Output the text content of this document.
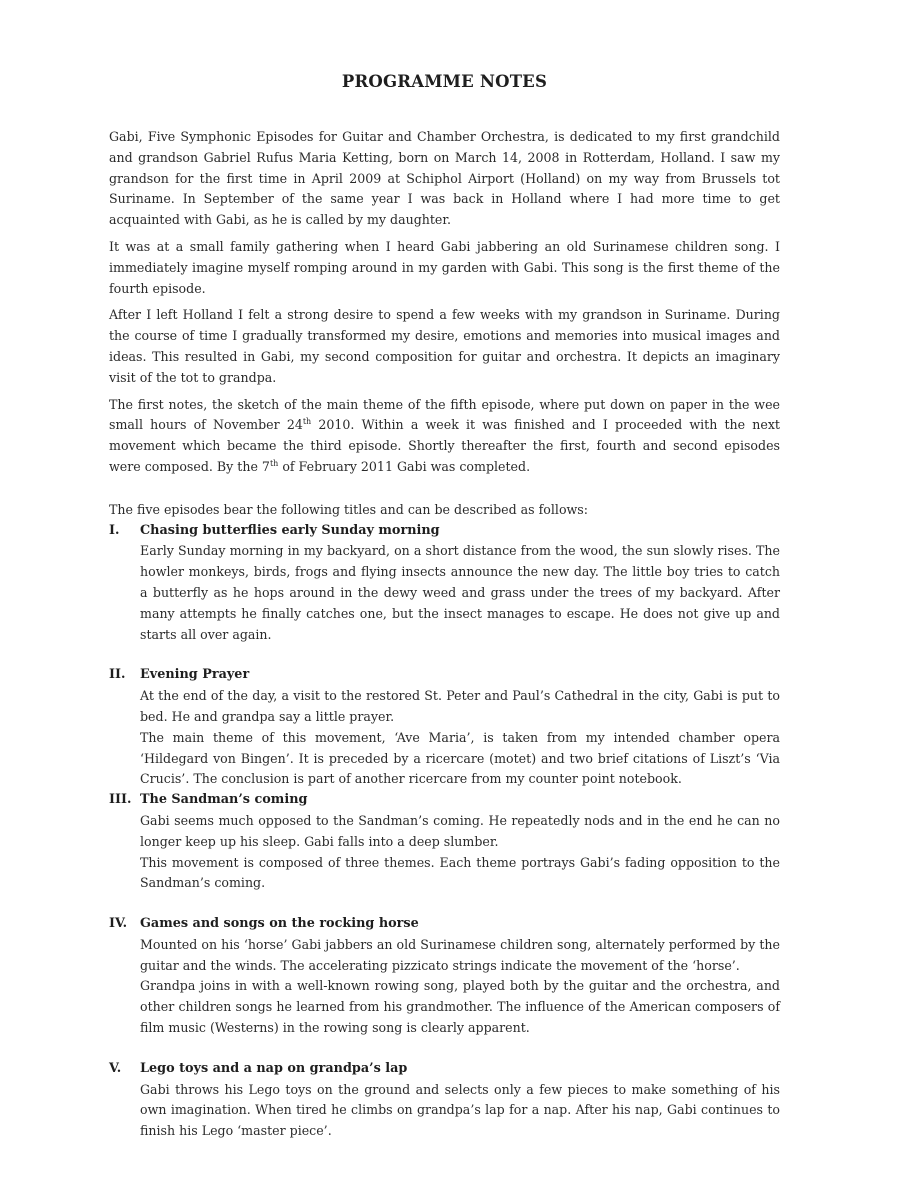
PROGRAMME NOTES

Gabi, Five Symphonic Episodes for Guitar and Chamber Orchestra, is dedicated to my first grandchild and grandson Gabriel Rufus Maria Ketting, born on March 14, 2008 in Rotterdam, Holland. I saw my grandson for the first time in April 2009 at Schiphol Airport (Holland) on my way from Brussels tot Suriname. In September of the same year I was back in Holland where I had more time to get acquainted with Gabi, as he is called by my daughter.

It was at a small family gathering when I heard Gabi jabbering an old Surinamese children song. I immediately imagine myself romping around in my garden with Gabi. This song is the first theme of the fourth episode.

After I left Holland I felt a strong desire to spend a few weeks with my grandson in Suriname. During the course of time I gradually transformed my desire, emotions and memories into musical images and ideas. This resulted in Gabi, my second composition for guitar and orchestra. It depicts an imaginary visit of the tot to grandpa.

The first notes, the sketch of the main theme of the fifth episode, where put down on paper in the wee small hours of November 24th 2010. Within a week it was finished and I proceeded with the next movement which became the third episode. Shortly thereafter the first, fourth and second episodes were composed. By the 7th of February 2011 Gabi was completed.

The five episodes bear the following titles and can be described as follows:
I.	Chasing butterflies early Sunday morning

Early Sunday morning in my backyard, on a short distance from the wood, the sun slowly rises. The howler monkeys, birds, frogs and flying insects announce the new day. The little boy tries to catch a butterfly as he hops around in the dewy weed and grass under the trees of my backyard. After many attempts he finally catches one, but the insect manages to escape. He does not give up and starts all over again.

II.	Evening Prayer

At the end of the day, a visit to the restored St. Peter and Paul’s Cathedral in the city, Gabi is put to bed. He and grandpa say a little prayer.

The main theme of this movement, ‘Ave Maria’, is taken from my intended chamber opera ‘Hildegard von Bingen’. It is preceded by a ricercare (motet) and two brief citations of Liszt’s ‘Via Crucis’. The conclusion is part of another ricercare from my counter point notebook.

III. The Sandman’s coming

Gabi seems much opposed to the Sandman’s coming. He repeatedly nods and in the end he can no longer keep up his sleep. Gabi falls into a deep slumber.

This movement is composed of three themes. Each theme portrays Gabi’s fading opposition to the Sandman’s coming.

IV.	Games and songs on the rocking horse

Mounted on his ‘horse’ Gabi jabbers an old Surinamese children song, alternately performed by the guitar and the winds. The accelerating pizzicato strings indicate the movement of the ‘horse’.

Grandpa joins in with a well-known rowing song, played both by the guitar and the orchestra, and other children songs he learned from his grandmother. The influence of the American composers of film music (Westerns) in the rowing song is clearly apparent.

V.	Lego toys and a nap on grandpa’s lap

Gabi throws his Lego toys on the ground and selects only a few pieces to make something of his own imagination. When tired he climbs on grandpa’s lap for a nap. After his nap, Gabi continues to finish his Lego ‘master piece’.
